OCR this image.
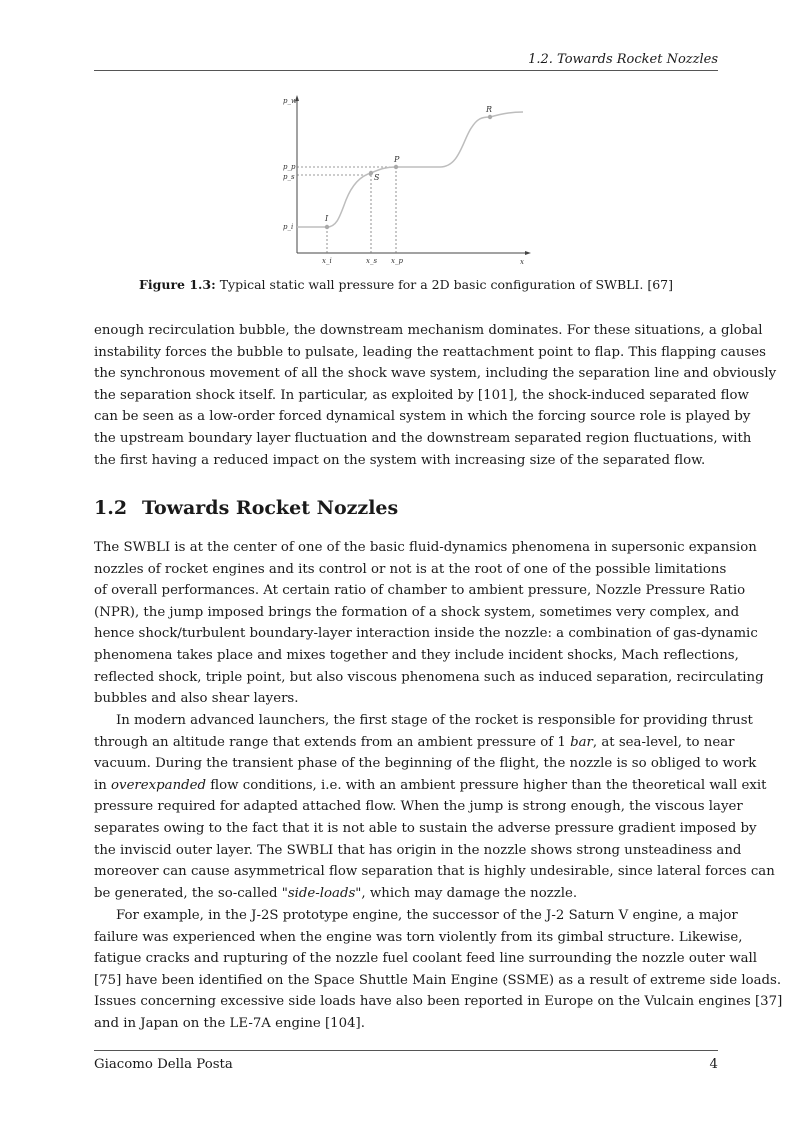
1.2. Towards Rocket Nozzles
p_w
x
p_p
p_s
p_i
x_i	x_s x_p
I
S
P
R
Figure 1.3: Typical static wall pressure for a 2D basic configuration of SWBLI. [67]
enough recirculation bubble, the downstream mechanism dominates. For these situations, a global
instability forces the bubble to pulsate, leading the reattachment point to flap. This flapping causes
the synchronous movement of all the shock wave system, including the separation line and obviously
the separation shock itself. In particular, as exploited by [101], the shock-induced separated flow
can be seen as a low-order forced dynamical system in which the forcing source role is played by
the upstream boundary layer fluctuation and the downstream separated region fluctuations, with
the first having a reduced impact on the system with increasing size of the separated flow.
1.2 Towards Rocket Nozzles
The SWBLI is at the center of one of the basic fluid-dynamics phenomena in supersonic expansion
nozzles of rocket engines and its control or not is at the root of one of the possible limitations
of overall performances. At certain ratio of chamber to ambient pressure, Nozzle Pressure Ratio
(NPR), the jump imposed brings the formation of a shock system, sometimes very complex, and
hence shock/turbulent boundary-layer interaction inside the nozzle: a combination of gas-dynamic
phenomena takes place and mixes together and they include incident shocks, Mach reflections,
reflected shock, triple point, but also viscous phenomena such as induced separation, recirculating
bubbles and also shear layers.
In modern advanced launchers, the first stage of the rocket is responsible for providing thrust
through an altitude range that extends from an ambient pressure of 1 bar, at sea-level, to near
vacuum. During the transient phase of the beginning of the flight, the nozzle is so obliged to work
in overexpanded flow conditions, i.e. with an ambient pressure higher than the theoretical wall exit
pressure required for adapted attached flow. When the jump is strong enough, the viscous layer
separates owing to the fact that it is not able to sustain the adverse pressure gradient imposed by
the inviscid outer layer. The SWBLI that has origin in the nozzle shows strong unsteadiness and
moreover can cause asymmetrical flow separation that is highly undesirable, since lateral forces can
be generated, the so-called "side-loads", which may damage the nozzle.
For example, in the J-2S prototype engine, the successor of the J-2 Saturn V engine, a major
failure was experienced when the engine was torn violently from its gimbal structure. Likewise,
fatigue cracks and rupturing of the nozzle fuel coolant feed line surrounding the nozzle outer wall
[75] have been identified on the Space Shuttle Main Engine (SSME) as a result of extreme side loads.
Issues concerning excessive side loads have also been reported in Europe on the Vulcain engines [37]
and in Japan on the LE-7A engine [104].
Giacomo Della Posta	4
